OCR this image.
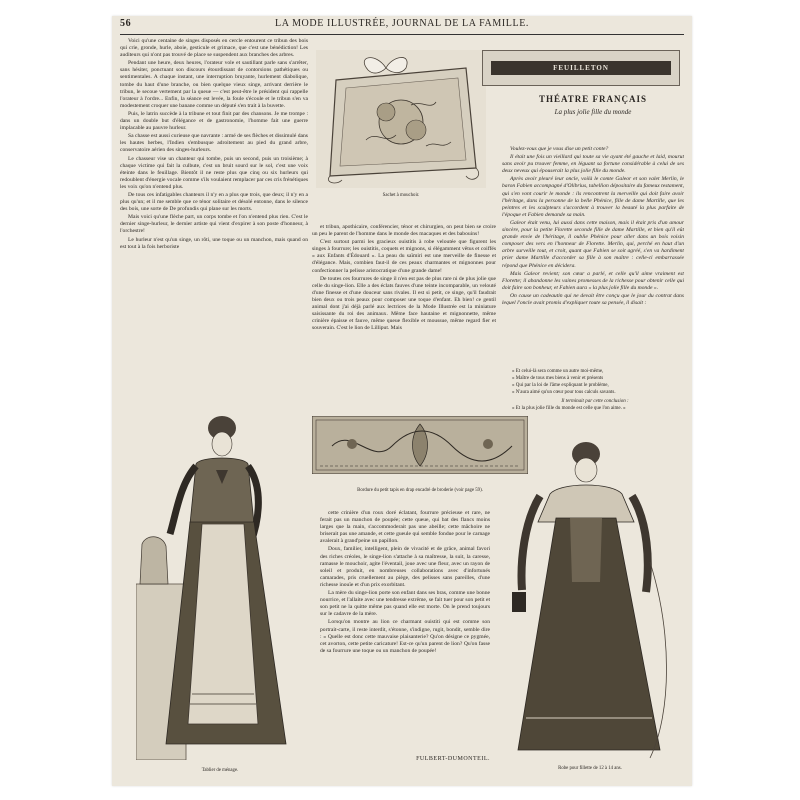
56	LA MODE ILLUSTRÉE, JOURNAL DE LA FAMILLE.

Voici qu'une centaine de singes disposés en cercle entourent ce tribun des bois qui crie, gronde, hurle, aboie, gesticule et grimace, que c'est une bénédiction! Les auditeurs qui n'ont pas trouvé de place se suspendent aux branches des arbres.

Pendant une heure, deux heures, l'orateur vole et sautillant parle sans s'arrêter, sans hésiter, ponctuant son discours étourdissant de contorsions pathétiques ou sentimentales. A chaque instant, une interruption bruyante, hurlement diabolique, tombe du haut d'une branche, ou bien quelque vieux singe, arrivant derrière le tribun, le secoue vertement par la queue — c'est peut-être le président qui rappelle l'orateur à l'ordre... Enfin, la séance est levée, la foule s'écoule et le tribun s'en va modestement croquer une banane comme un député s'en trait à la buvette.

Puis, le latrin succède à la tribune et tout finit par des chansons. Je me trompe : dans un double but d'élégance et de gastronomie, l'homme fait une guerre implacable au pauvre hurleur.

Sa chasse est aussi curieuse que navrante : armé de ses flèches et dissimulé dans les hautes herbes, l'Indien s'embusque adroitement au pied du grand arbre, conservatoire aérien des singes-hurleurs.

Le chasseur vise un chanteur qui tombe, puis un second, puis un troisième; à chaque victime qui fait la culbute, c'est un bruit sourd sur le sol, c'est une voix éteinte dans le feuillage. Bientôt il ne reste plus que cinq ou six hurleurs qui redoublent d'énergie vocale comme s'ils voulaient remplacer par ces cris frénétiques les voix qu'on n'entend plus.

De tous ces infatigables chanteurs il n'y en a plus que trois, que deux; il n'y en a plus qu'un; et il me semble que ce ténor solitaire et désolé entonne, dans le silence des bois, une sorte de De profundis qui plane sur les morts.

Mais voici qu'une flèche part, un corps tombe et l'on n'entend plus rien. C'est le dernier singe-hurleur, le dernier artiste qui vient d'expirer à son poste d'honneur, à l'orchestre!

Le hurleur n'est qu'un singe, un rôti, une toque ou un manchon, mais quand on est tout à la fois herboriste

Sachet à mouchoir.

et tribun, apothicaire, conférencier, ténor et chirurgien, on peut bien se croire un peu le parent de l'homme dans le monde des macaques et des babouins!

C'est surtout parmi les gracieux ouistitis à robe veloutée que figurent les singes à fourrure; les ouistitis, coquets et mignons, si élégamment vêtus et coiffés « aux Enfants d'Édouard ». La peau du saïmiri est une merveille de finesse et d'élégance. Mais, combien faut-il de ces peaux charmantes et mignonnes pour confectionner la pelisse aristocratique d'une grande dame!

De toutes ces fourrures de singe il n'en est pas de plus rare ni de plus jolie que celle du singe-lion. Elle a des éclats fauves d'une teinte incomparable, un velouté d'une finesse et d'une douceur sans rivales. Il est si petit, ce singe, qu'il faudrait bien deux ou trois peaux pour composer une toque d'enfant. Eh bien! ce gentil animal dont j'ai déjà parlé aux lectrices de la Mode Illustrée est la miniature saisissante du roi des animaux. Même face hautaine et mignonnette, même crinière épaisse et fauve, même queue flexible et moussue, même regard fier et souverain. C'est le lion de Lilliput. Mais

FEUILLETON
THÉATRE FRANÇAIS
La plus jolie fille du monde

Voulez-vous que je vous dise un petit conte?

Il était une fois un vieillard qui toute sa vie ayant été gauche et laid, mourut sans avoir pu trouver femme, en léguant sa fortune considérable à celui de ses deux neveux qui épouserait la plus jolie fille du monde.

Après avoir pleuré leur oncle, voilà le comte Galeor et son valet Merlin, le baron Fabien accompagné d'Olibrius, tabellion dépositaire du fameux testament, qui s'en vont courir le monde : ils rencontrent la merveille qui doit faire avoir l'héritage, dans la personne de la belle Phénice, fille de dame Martille, que les peintres et les sculpteurs s'accordent à trouver la beauté la plus parfaite de l'époque et Fabien demande sa main.

Galeor était venu, lui aussi dans cette maison, mais il était pris d'un amour sincère, pour la petite Florette seconde fille de dame Martille, et bien qu'il eût grande envie de l'héritage, il oublie Phénice pour aller dans un bois voisin composer des vers en l'honneur de Florette. Merlin, qui, perché en haut d'un arbre surveille tout, et croit, quant que Fabien se soit agréé, s'en va hardiment prier dame Martille d'accorder sa fille à son maître : celle-ci embarrassée répond que Phénice en décidera.

Mais Galeor revient; son cœur a parlé, et celle qu'il aime vraiment est Florette; il abandonne les vaines promesses de la richesse pour obtenir celle qui doit faire son bonheur, et Fabien aura « la plus jolie fille du monde ».

On cause un cadeautin qui ne devait être conçu que le jour du contrat dans lequel l'oncle avait promis d'expliquer toute sa pensée, il disait :

« Et celui-là sera comme un autre moi-même,
« Maître de tous mes biens à venir et présents
« Qui par la loi de l'âme expliquant le problème,
« N'aura aimé qu'un cœur pour tous calculs savants.
Il terminait par cette conclusion :
« Et la plus jolie fille du monde est celle que l'on aime. »
Bordure du petit tapis en drap encadré de broderie (voir page 59).
Tablier de ménage.

cette crinière d'un roux doré éclatant, fourrure précieuse et rare, ne ferait pas un manchon de poupée; cette queue, qui bat des flancs moins larges que la main, s'accommoderait pas une abeille; cette mâchoire ne briserait pas une amande, et cette gueule qui semble fondue pour le carnage avalerait à grand'peine un papillon.

Doux, familier, intelligent, plein de vivacité et de grâce, animal favori des riches créoles, le singe-lion s'attache à sa maîtresse, la suit, la caresse, ramasse le mouchoir, agite l'éventail, joue avec une fleur, avec un rayon de soleil et produit, en nombreuses collaborations avec d'infortunés camarades, pris cruellement au piège, des pelisses sans pareilles, d'une richesse inouïe et d'un prix exorbitant.

La mère du singe-lion porte son enfant dans ses bras, comme une bonne nourrice, et l'allaite avec une tendresse extrême, se fait tuer pour son petit et son petit ne la quitte même pas quand elle est morte. On le prend toujours sur le cadavre de la mère.

Lorsqu'on montre au lion ce charmant ouistiti qui est comme son portrait-carte, il reste interdit, s'étonne, s'indigne, rugit, bondit, semble dire : « Quelle est donc cette mauvaise plaisanterie? Qu'on désigne ce pygmée, cet avorton, cette petite caricature! Est-ce qu'un parent de lion? Qu'on fasse de sa fourrure une toque ou un manchon de poupée!

FULBERT-DUMONTEIL.
Robe pour fillette de 12 à 14 ans.
